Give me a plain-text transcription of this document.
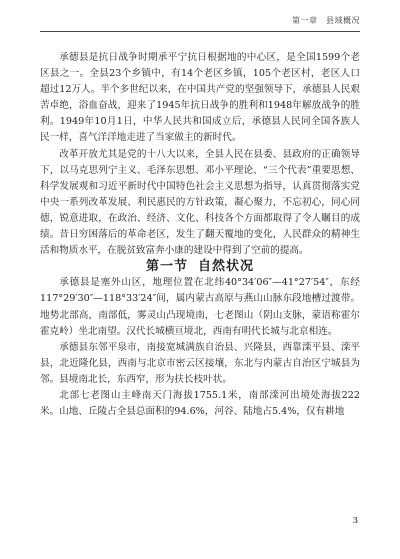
第一章　县域概况

承德县是抗日战争时期承平宁抗日根据地的中心区，是全国1599个老区县之一。全县23个乡镇中，有14个老区乡镇，105个老区村，老区人口超过12万人。半个多世纪以来，在中国共产党的坚强领导下，承德县人民艰苦卓绝，浴血奋战，迎来了1945年抗日战争的胜利和1948年解放战争的胜利。1949年10月1日，中华人民共和国成立后，承德县人民同全国各族人民一样，喜气洋洋地走进了当家做主的新时代。

改革开放尤其是党的十八大以来，全县人民在县委、县政府的正确领导下，以马克思列宁主义、毛泽东思想、邓小平理论、“三个代表”重要思想、科学发展观和习近平新时代中国特色社会主义思想为指导，认真贯彻落实党中央一系列改革发展、利民惠民的方针政策，凝心聚力，不忘初心，同心同德，锐意进取，在政治、经济、文化、科技各个方面都取得了令人瞩目的成绩。昔日穷困落后的革命老区，发生了翻天覆地的变化，人民群众的精神生活和物质水平，在脱贫致富奔小康的建设中得到了空前的提高。

第一节 自然状况

承德县是塞外山区，地理位置在北纬40°34′06″—41°27′54″，东经117°29′30″—118°33′24″间，属内蒙古高原与燕山山脉东段地槽过渡带。地势北部高，南部低，雾灵山凸现境南，七老图山（阴山支脉，蒙语称霍尔霍克岭）坐北南望。汉代长城横亘境北，西南有明代长城与北京相连。

承德县东邻平泉市，南接宽城满族自治县、兴隆县，西靠滦平县、滦平县，北近隆化县，西南与北京市密云区接壤，东北与内蒙古自治区宁城县为邻。县境南北长，东西窄，形为扶长枝叶状。

北部七老图山主峰南天门海拔1755.1米，南部滦河出境处海拔222米。山地、丘陵占全县总面积的94.6%，河谷、陆地占5.4%，仅有耕地

3
